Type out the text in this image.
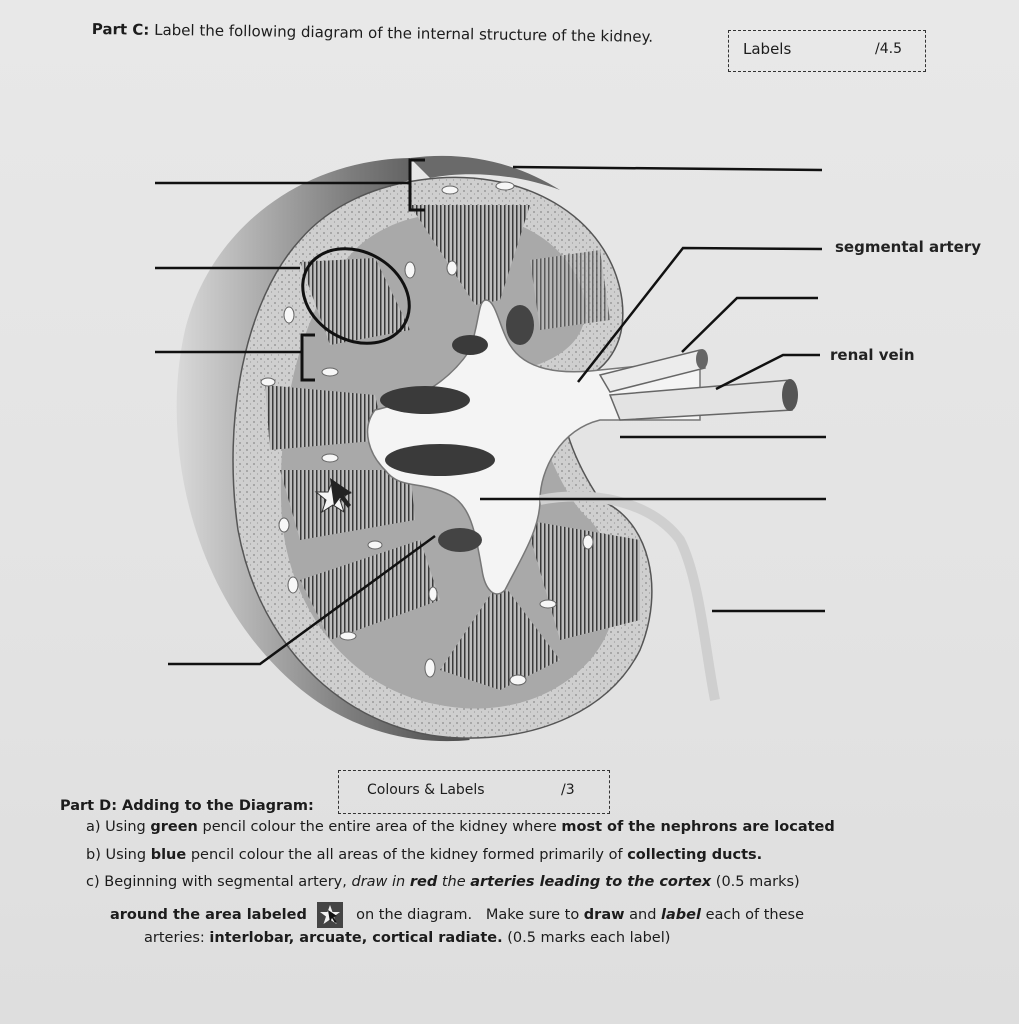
Part C: Label the following diagram of the internal structure of the kidney.
Labels	/4.5
segmental artery
renal vein
Colours & Labels	/3
Part D: Adding to the Diagram:
a) Using green pencil colour the entire area of the kidney where most of the nephrons are located
b) Using blue pencil colour the all areas of the kidney formed primarily of collecting ducts.
c) Beginning with segmental artery, draw in red the arteries leading to the cortex (0.5 marks)
around the area labeled	on the diagram. Make sure to draw and label each of these
arteries: interlobar, arcuate, cortical radiate. (0.5 marks each label)
